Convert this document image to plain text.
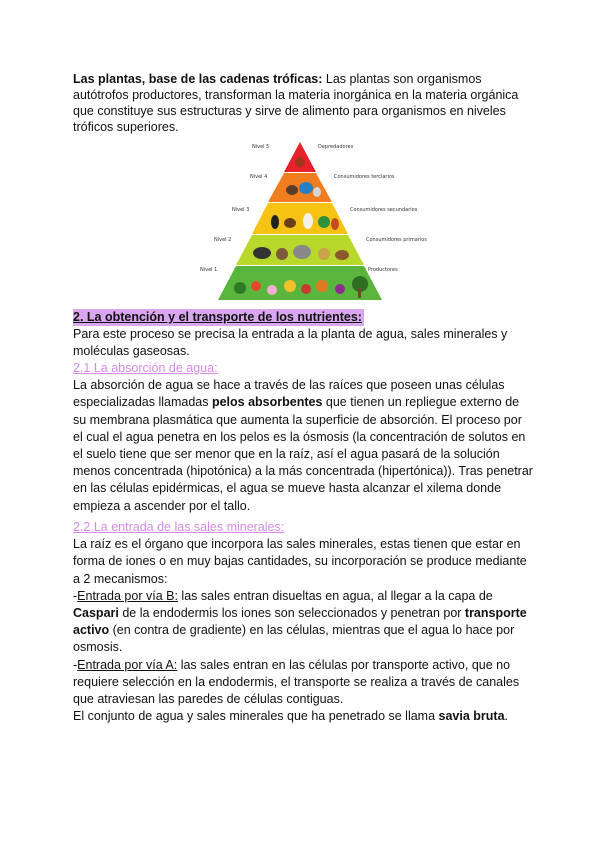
Las plantas, base de las cadenas tróficas: Las plantas son organismos autótrofos productores, transforman la materia inorgánica en la materia orgánica que constituye sus estructuras y sirve de alimento para organismos en niveles tróficos superiores.
Nivel 5	Depredadores
Nivel 4	Consumidores terciarios
Nivel 3	Consumidores secundarios
Nivel 2	Consumidores primarios
Nivel 1	Productores
2. La obtención y el transporte de los nutrientes:
Para este proceso se precisa la entrada a la planta de agua, sales minerales y moléculas gaseosas.
2.1 La absorción de agua:
La absorción de agua se hace a través de las raíces que poseen unas células especializadas llamadas pelos absorbentes que tienen un repliegue externo de su membrana plasmática que aumenta la superficie de absorción. El proceso por el cual el agua penetra en los pelos es la ósmosis (la concentración de solutos en el suelo tiene que ser menor que en la raíz, así el agua pasará de la solución menos concentrada (hipotónica) a la más concentrada (hipertónica)). Tras penetrar en las células epidérmicas, el agua se mueve hasta alcanzar el xilema donde empieza a ascender por el tallo.
2.2 La entrada de las sales minerales:
La raíz es el órgano que incorpora las sales minerales, estas tienen que estar en forma de iones o en muy bajas cantidades, su incorporación se produce mediante a 2 mecanismos:
-Entrada por vía B: las sales entran disueltas en agua, al llegar a la capa de Caspari de la endodermis los iones son seleccionados y penetran por transporte activo (en contra de gradiente) en las células, mientras que el agua lo hace por osmosis.
-Entrada por vía A: las sales entran en las células por transporte activo, que no requiere selección en la endodermis, el transporte se realiza a través de canales que atraviesan las paredes de células contiguas.
El conjunto de agua y sales minerales que ha penetrado se llama savia bruta.
